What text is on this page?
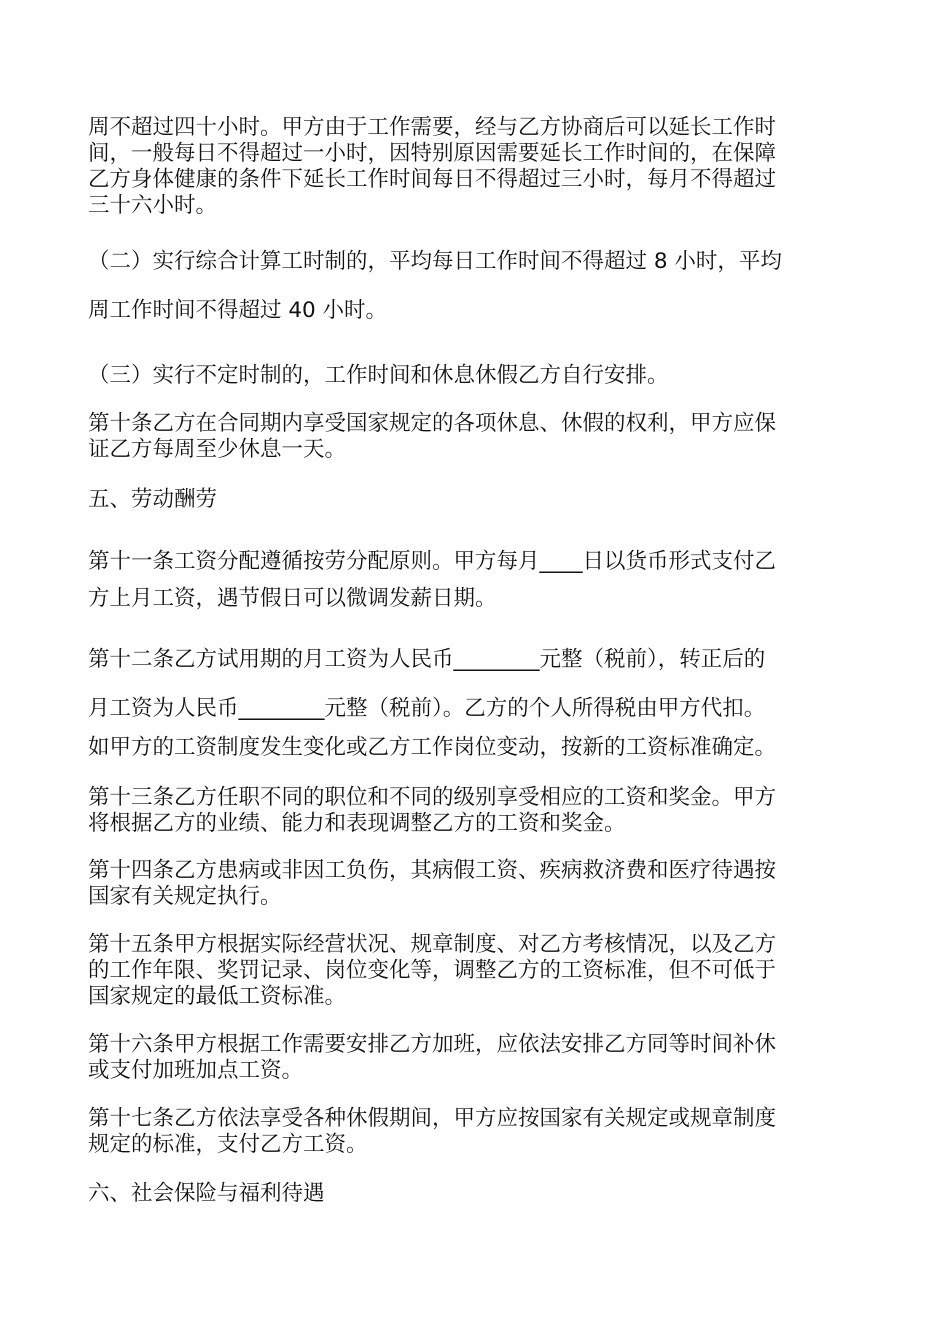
周不超过四十小时。甲方由于工作需要，经与乙方协商后可以延长工作时
间，一般每日不得超过一小时，因特别原因需要延长工作时间的，在保障
乙方身体健康的条件下延长工作时间每日不得超过三小时，每月不得超过
三十六小时。

（二）实行综合计算工时制的，平均每日工作时间不得超过 8 小时，平均

周工作时间不得超过 40 小时。

（三）实行不定时制的，工作时间和休息休假乙方自行安排。

第十条乙方在合同期内享受国家规定的各项休息、休假的权利，甲方应保
证乙方每周至少休息一天。

五、劳动酬劳

第十一条工资分配遵循按劳分配原则。甲方每月____日以货币形式支付乙

方上月工资，遇节假日可以微调发薪日期。

第十二条乙方试用期的月工资为人民币________元整（税前），转正后的

月工资为人民币________元整（税前）。乙方的个人所得税由甲方代扣。

如甲方的工资制度发生变化或乙方工作岗位变动，按新的工资标准确定。

第十三条乙方任职不同的职位和不同的级别享受相应的工资和奖金。甲方
将根据乙方的业绩、能力和表现调整乙方的工资和奖金。

第十四条乙方患病或非因工负伤，其病假工资、疾病救济费和医疗待遇按
国家有关规定执行。

第十五条甲方根据实际经营状况、规章制度、对乙方考核情况，以及乙方
的工作年限、奖罚记录、岗位变化等，调整乙方的工资标准，但不可低于
国家规定的最低工资标准。

第十六条甲方根据工作需要安排乙方加班，应依法安排乙方同等时间补休
或支付加班加点工资。

第十七条乙方依法享受各种休假期间，甲方应按国家有关规定或规章制度
规定的标准，支付乙方工资。

六、社会保险与福利待遇
